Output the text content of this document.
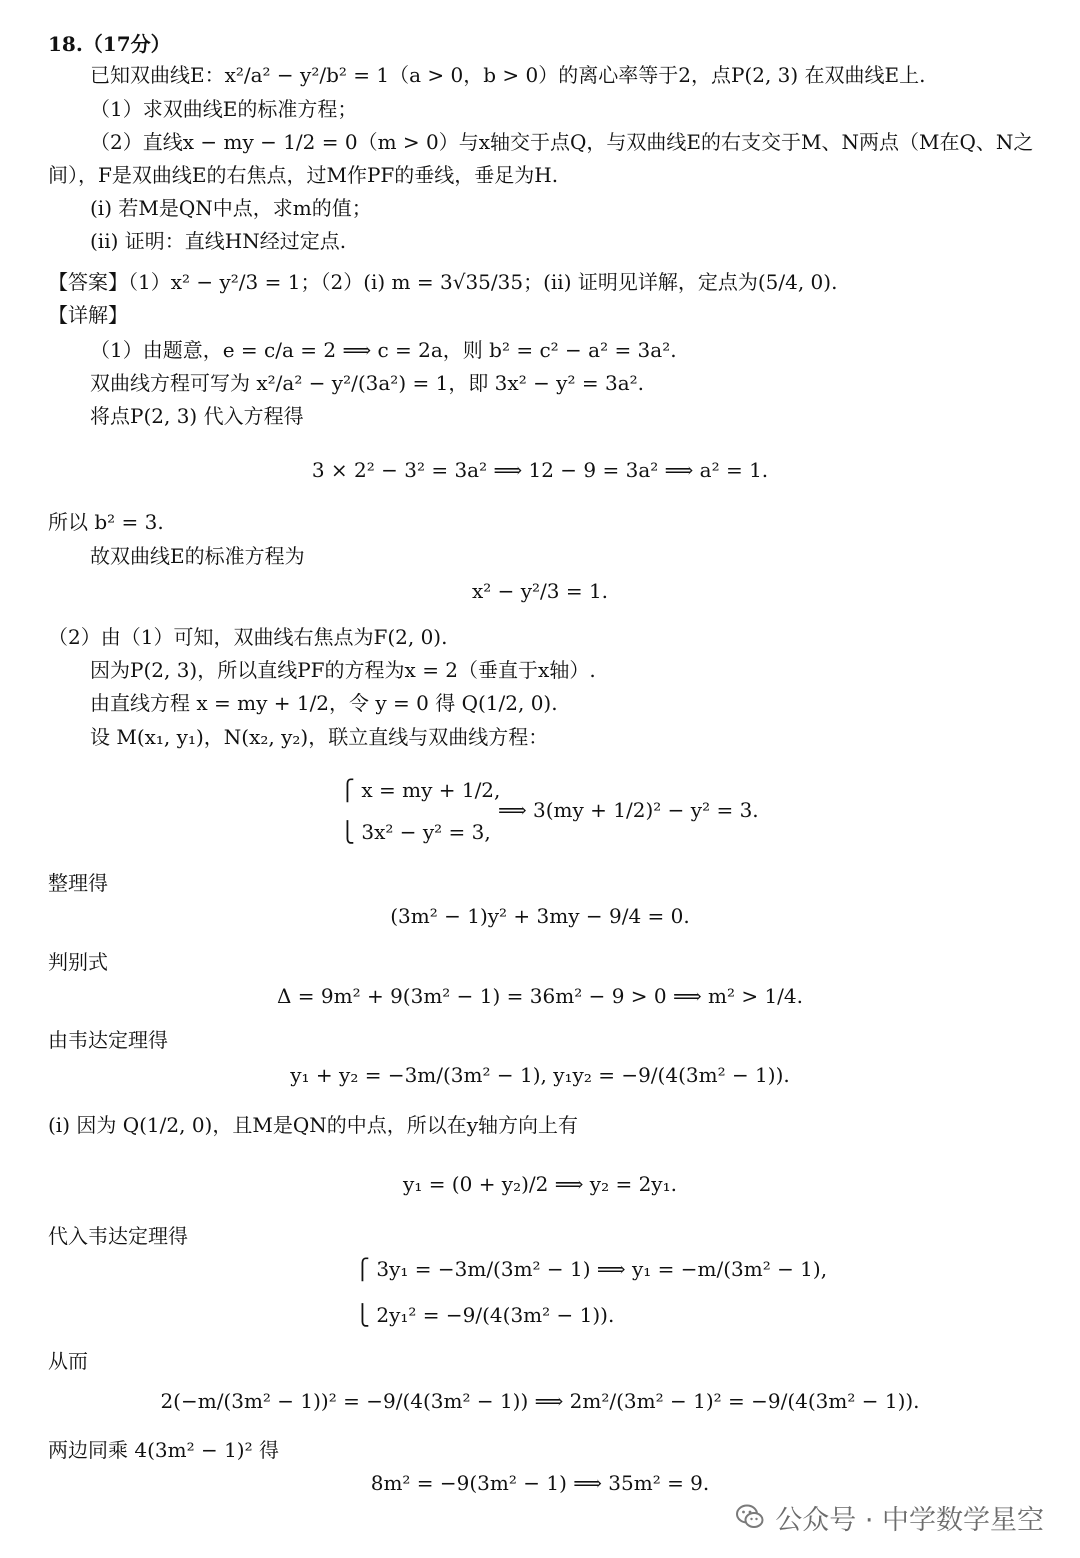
18.（17分）
已知双曲线E：x²/a² − y²/b² = 1（a > 0，b > 0）的离心率等于2，点P(2, 3) 在双曲线E上.
（1）求双曲线E的标准方程；
（2）直线x − my − 1/2 = 0（m > 0）与x轴交于点Q，与双曲线E的右支交于M、N两点（M在Q、N之
间），F是双曲线E的右焦点，过M作PF的垂线，垂足为H.
(i) 若M是QN中点，求m的值；
(ii) 证明：直线HN经过定点.
【答案】（1）x² − y²/3 = 1；（2）(i) m = 3√35/35；(ii) 证明见详解，定点为(5/4, 0).
【详解】
（1）由题意，e = c/a = 2 ⟹ c = 2a，则 b² = c² − a² = 3a².
双曲线方程可写为 x²/a² − y²/(3a²) = 1，即 3x² − y² = 3a².
将点P(2, 3) 代入方程得
3 × 2² − 3² = 3a² ⟹ 12 − 9 = 3a² ⟹ a² = 1.
所以 b² = 3.
故双曲线E的标准方程为
x² − y²/3 = 1.
（2）由（1）可知，双曲线右焦点为F(2, 0).
因为P(2, 3)，所以直线PF的方程为x = 2（垂直于x轴）.
由直线方程 x = my + 1/2，令 y = 0 得 Q(1/2, 0).
设 M(x₁, y₁)，N(x₂, y₂)，联立直线与双曲线方程：
⎧ x = my + 1/2,
⟹ 3(my + 1/2)² − y² = 3.
⎩ 3x² − y² = 3,
整理得
(3m² − 1)y² + 3my − 9/4 = 0.
判别式
Δ = 9m² + 9(3m² − 1) = 36m² − 9 > 0 ⟹ m² > 1/4.
由韦达定理得
y₁ + y₂ = −3m/(3m² − 1), y₁y₂ = −9/(4(3m² − 1)).
(i) 因为 Q(1/2, 0)，且M是QN的中点，所以在y轴方向上有
y₁ = (0 + y₂)/2 ⟹ y₂ = 2y₁.
代入韦达定理得
⎧ 3y₁ = −3m/(3m² − 1) ⟹ y₁ = −m/(3m² − 1),
⎩ 2y₁² = −9/(4(3m² − 1)).
从而
2(−m/(3m² − 1))² = −9/(4(3m² − 1)) ⟹ 2m²/(3m² − 1)² = −9/(4(3m² − 1)).
两边同乘 4(3m² − 1)² 得
8m² = −9(3m² − 1) ⟹ 35m² = 9.
公众号 · 中学数学星空
